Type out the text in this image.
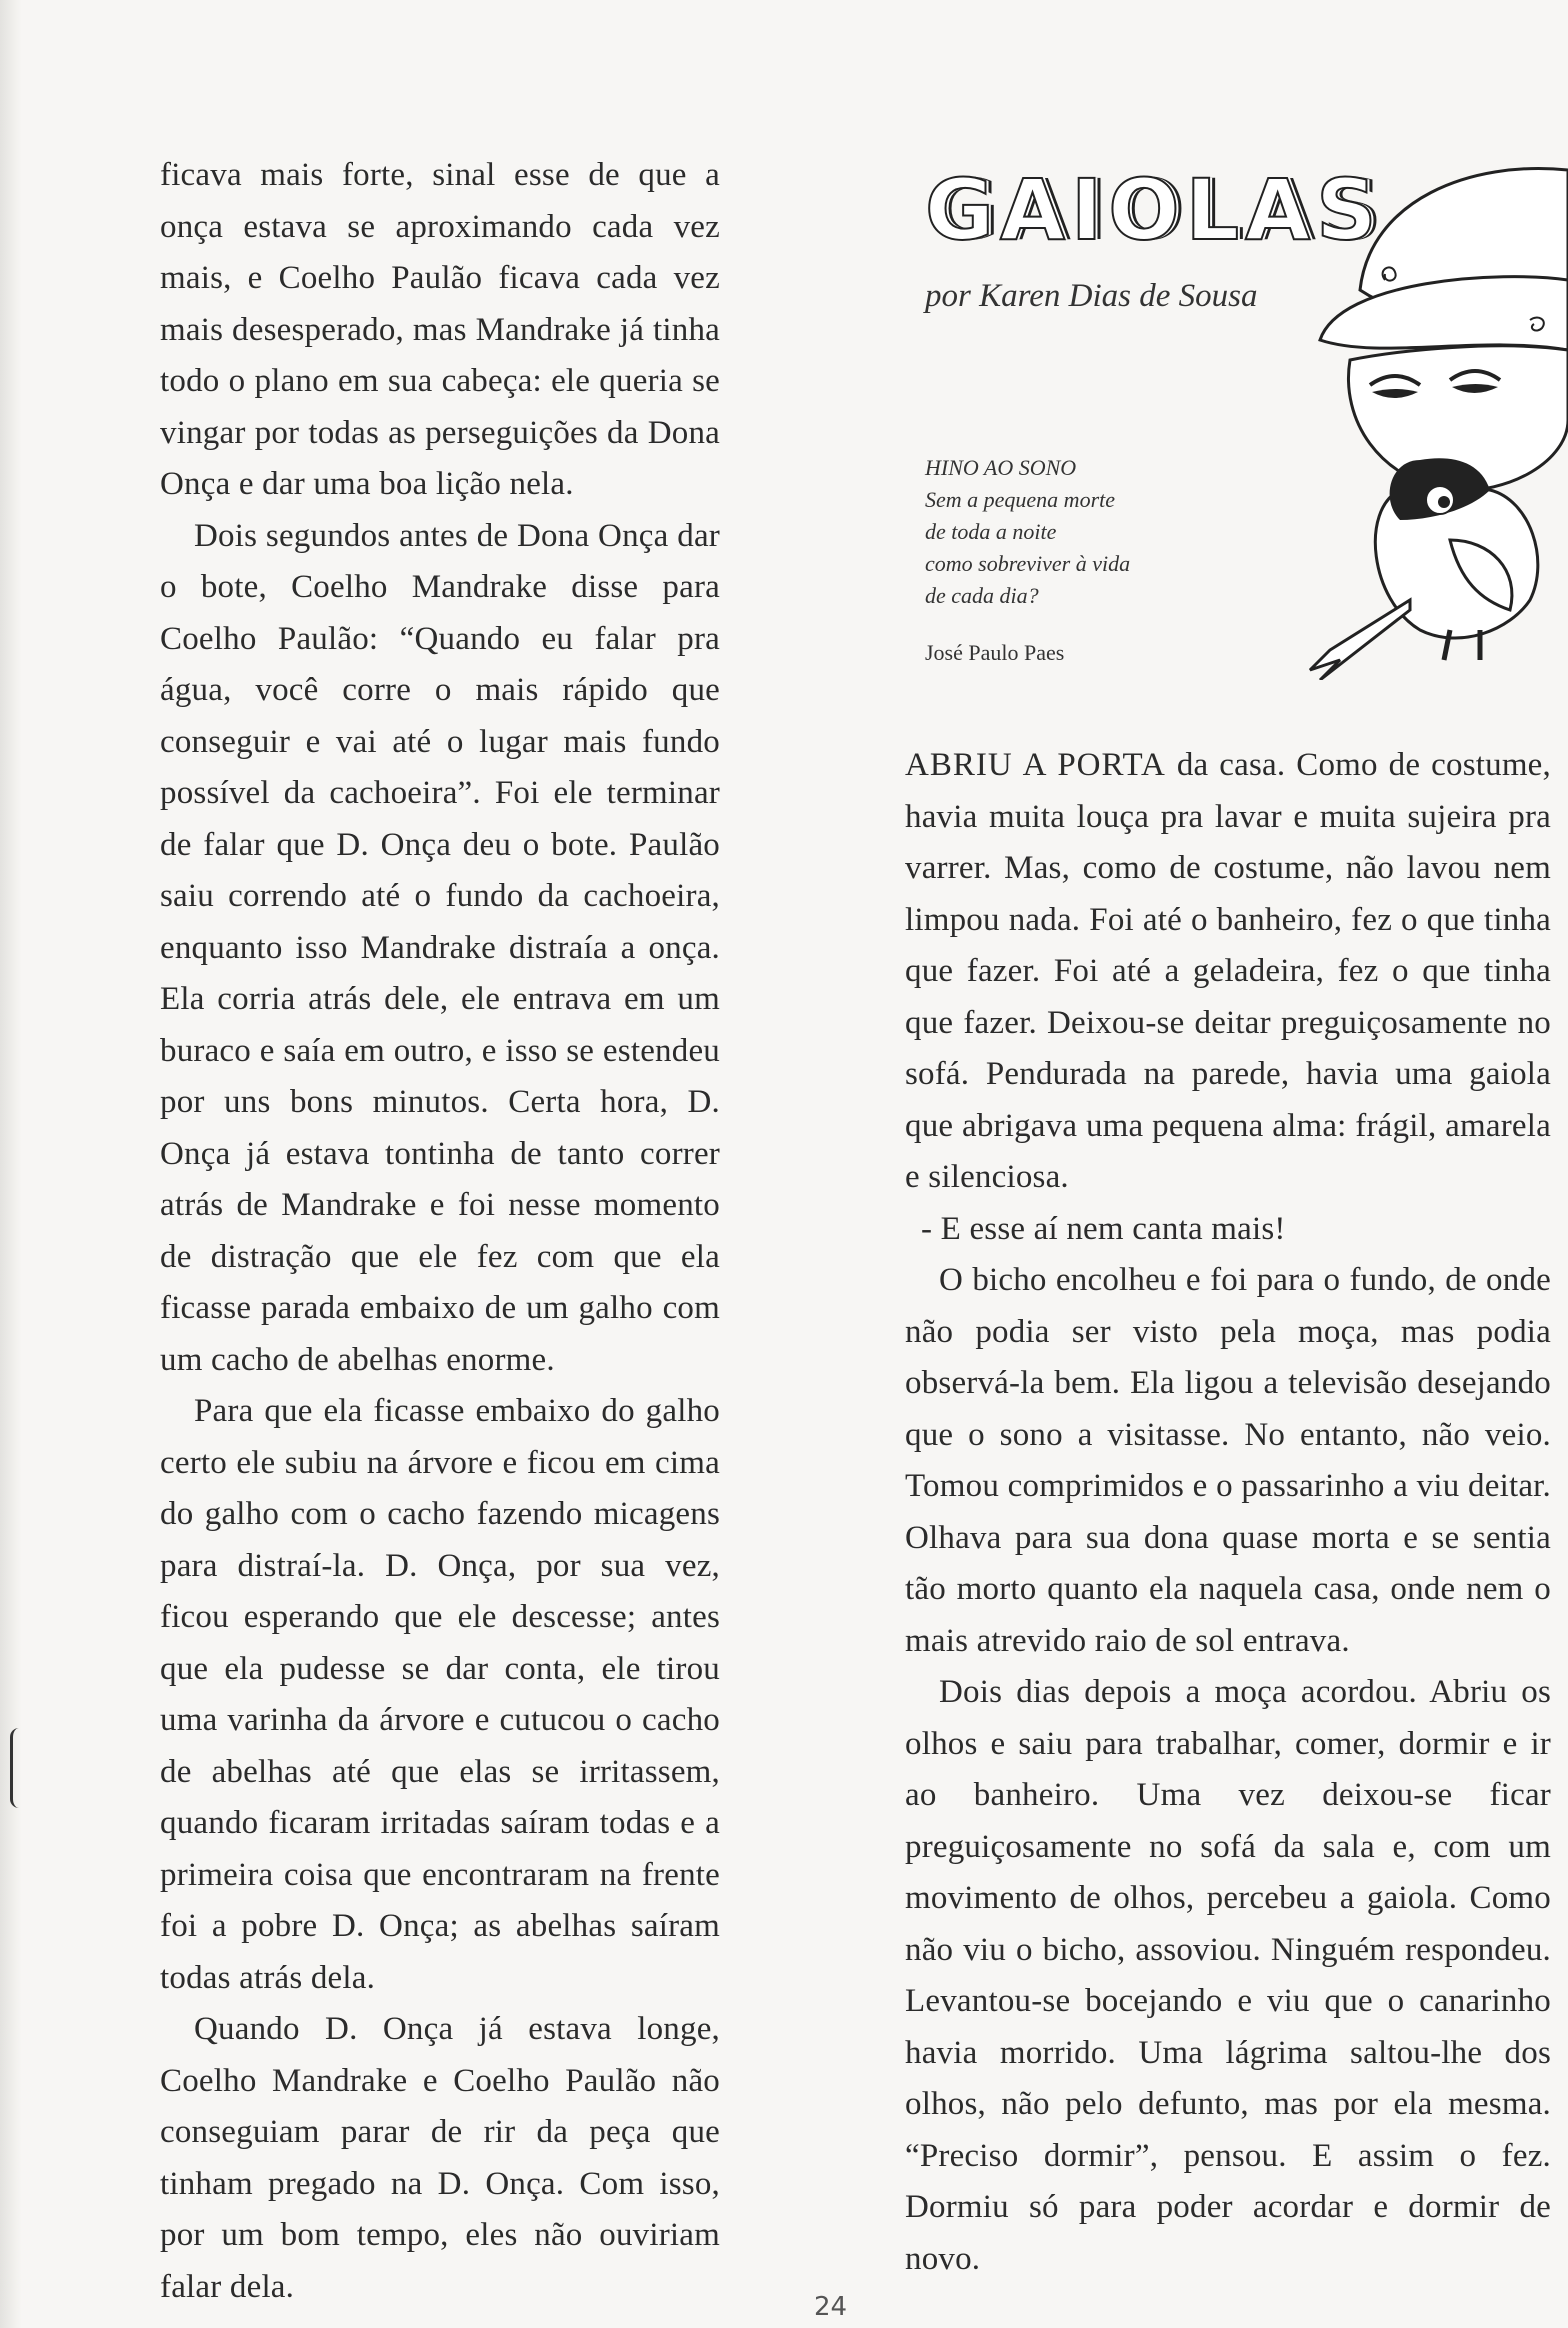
ficava mais forte, sinal esse de que a onça estava se aproximando cada vez mais, e Coelho Paulão ficava cada vez mais desesperado, mas Mandrake já tinha todo o plano em sua cabeça: ele queria se vingar por todas as perseguições da Dona Onça e dar uma boa lição nela.

Dois segundos antes de Dona Onça dar o bote, Coelho Mandrake disse para Coelho Paulão: “Quando eu falar pra água, você corre o mais rápido que conseguir e vai até o lugar mais fundo possível da cachoeira”. Foi ele terminar de falar que D. Onça deu o bote. Paulão saiu correndo até o fundo da cachoeira, enquanto isso Mandrake distraía a onça. Ela corria atrás dele, ele entrava em um buraco e saía em outro, e isso se estendeu por uns bons minutos. Certa hora, D. Onça já estava tontinha de tanto correr atrás de Mandrake e foi nesse momento de distração que ele fez com que ela ficasse parada embaixo de um galho com um cacho de abelhas enorme.

Para que ela ficasse embaixo do galho certo ele subiu na árvore e ficou em cima do galho com o cacho fazendo micagens para distraí-la. D. Onça, por sua vez, ficou esperando que ele descesse; antes que ela pudesse se dar conta, ele tirou uma varinha da árvore e cutucou o cacho de abelhas até que elas se irritassem, quando ficaram irritadas saíram todas e a primeira coisa que encontraram na frente foi a pobre D. Onça; as abelhas saíram todas atrás dela.

Quando D. Onça já estava longe, Coelho Mandrake e Coelho Paulão não conseguiam parar de rir da peça que tinham pregado na D. Onça. Com isso, por um bom tempo, eles não ouviriam falar dela.

GAIOLAS
por Karen Dias de Sousa
HINO AO SONO
Sem a pequena morte
de toda a noite
como sobreviver à vida
de cada dia?
José Paulo Paes

ABRIU A PORTA da casa. Como de costume, havia muita louça pra lavar e muita sujeira pra varrer. Mas, como de costume, não lavou nem limpou nada. Foi até o banheiro, fez o que tinha que fazer. Foi até a geladeira, fez o que tinha que fazer. Deixou-se deitar preguiçosamente no sofá. Pendurada na parede, havia uma gaiola que abrigava uma pequena alma: frágil, amarela e silenciosa.

- E esse aí nem canta mais!

O bicho encolheu e foi para o fundo, de onde não podia ser visto pela moça, mas podia observá-la bem. Ela ligou a televisão desejando que o sono a visitasse. No entanto, não veio. Tomou comprimidos e o passarinho a viu deitar. Olhava para sua dona quase morta e se sentia tão morto quanto ela naquela casa, onde nem o mais atrevido raio de sol entrava.

Dois dias depois a moça acordou. Abriu os olhos e saiu para trabalhar, comer, dormir e ir ao banheiro. Uma vez deixou-se ficar preguiçosamente no sofá da sala e, com um movimento de olhos, percebeu a gaiola. Como não viu o bicho, assoviou. Ninguém respondeu. Levantou-se bocejando e viu que o canarinho havia morrido. Uma lágrima saltou-lhe dos olhos, não pelo defunto, mas por ela mesma. “Preciso dormir”, pensou. E assim o fez. Dormiu só para poder acordar e dormir de novo.

24
